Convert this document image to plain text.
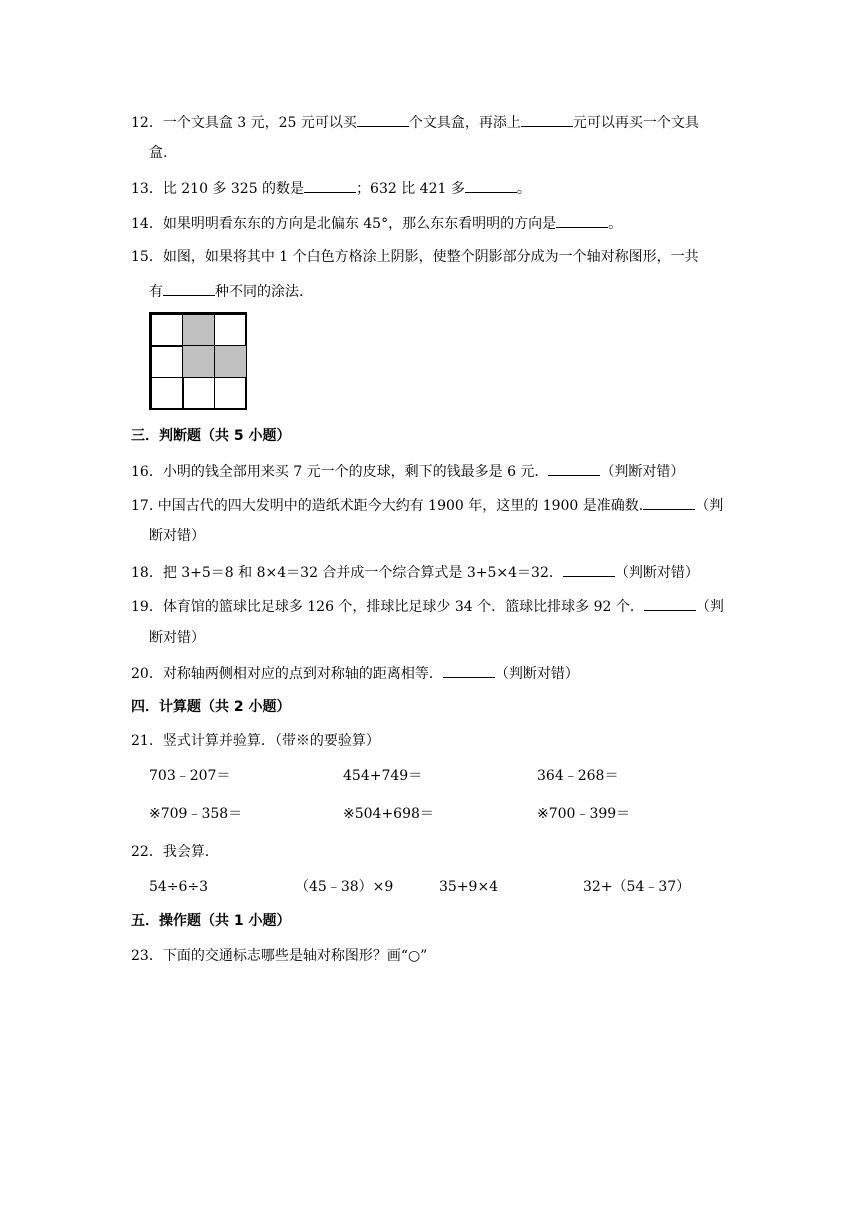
12．一个文具盒 3 元，25 元可以买	个文具盒，再添上	元可以再买一个文具
盒.
13．比 210 多 325 的数是	；632 比 421 多	。
14．如果明明看东东的方向是北偏东 45°，那么东东看明明的方向是	。
15．如图，如果将其中 1 个白色方格涂上阴影，使整个阴影部分成为一个轴对称图形，一共
有	种不同的涂法.
三．判断题（共 5 小题）
16．小明的钱全部用来买 7 元一个的皮球，剩下的钱最多是 6 元．	（判断对错）
17. 中国古代的四大发明中的造纸术距今大约有 1900 年，这里的 1900 是准确数.	（判
断对错）
18．把 3+5＝8 和 8×4＝32 合并成一个综合算式是 3+5×4＝32．	（判断对错）
19．体育馆的篮球比足球多 126 个，排球比足球少 34 个．篮球比排球多 92 个．	（判
断对错）
20．对称轴两侧相对应的点到对称轴的距离相等．	（判断对错）
四．计算题（共 2 小题）
21．竖式计算并验算．（带※的要验算）
703﹣207＝	454+749＝	364﹣268＝
※709﹣358＝	※504+698＝	※700﹣399＝
22．我会算．
54÷6÷3	（45﹣38）×9	35+9×4	32+（54﹣37）
五．操作题（共 1 小题）
23．下面的交通标志哪些是轴对称图形？画“○”
